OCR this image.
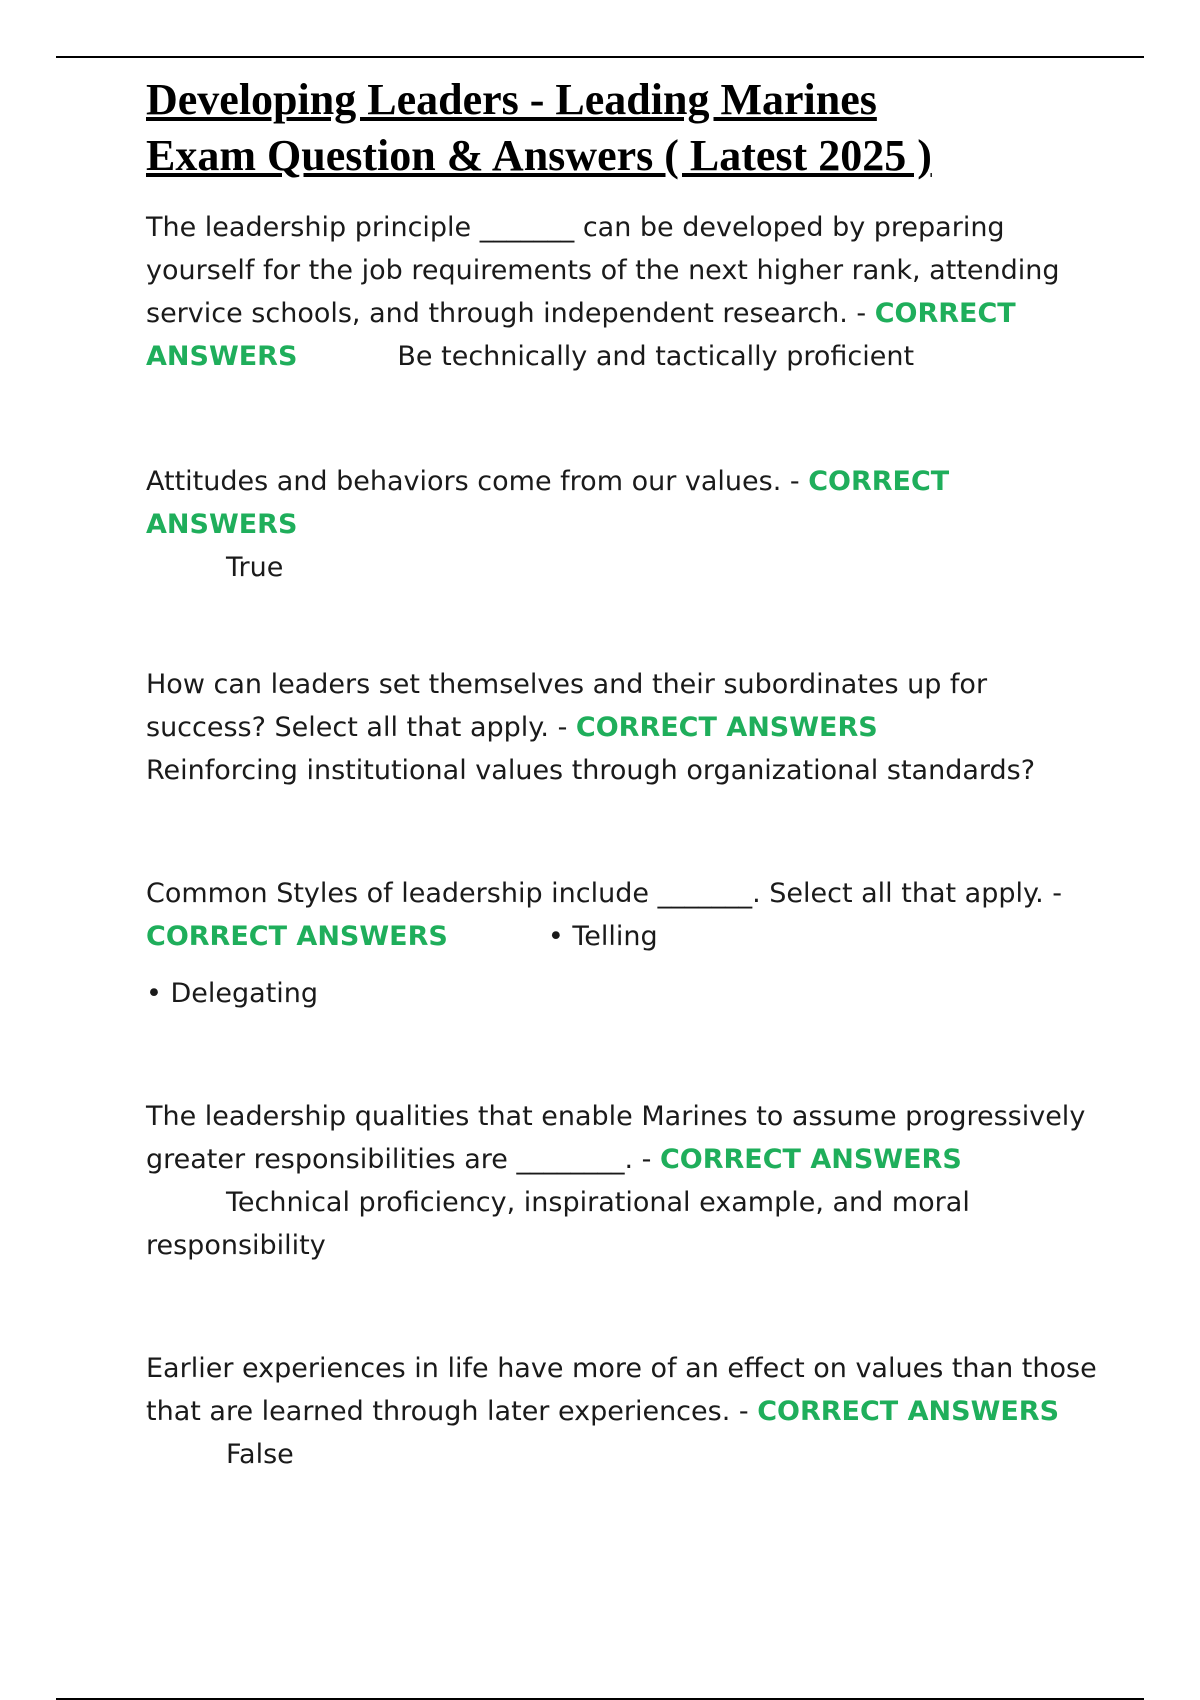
Developing Leaders - Leading Marines
Exam Question & Answers ( Latest 2025 )

The leadership principle _______ can be developed by preparing yourself for the job requirements of the next higher rank, attending service schools, and through independent research. - CORRECT ANSWERS	Be technically and tactically proficient

Attitudes and behaviors come from our values. - CORRECT ANSWERS
True

How can leaders set themselves and their subordinates up for success? Select all that apply. - CORRECT ANSWERSReinforcing institutional values through organizational standards?

Common Styles of leadership include _______. Select all that apply. - CORRECT ANSWERS	• Telling

• Delegating

The leadership qualities that enable Marines to assume progressively greater responsibilities are ________. - CORRECT ANSWERS
Technical proficiency, inspirational example, and moral responsibility

Earlier experiences in life have more of an effect on values than those that are learned through later experiences. - CORRECT ANSWERS
False
